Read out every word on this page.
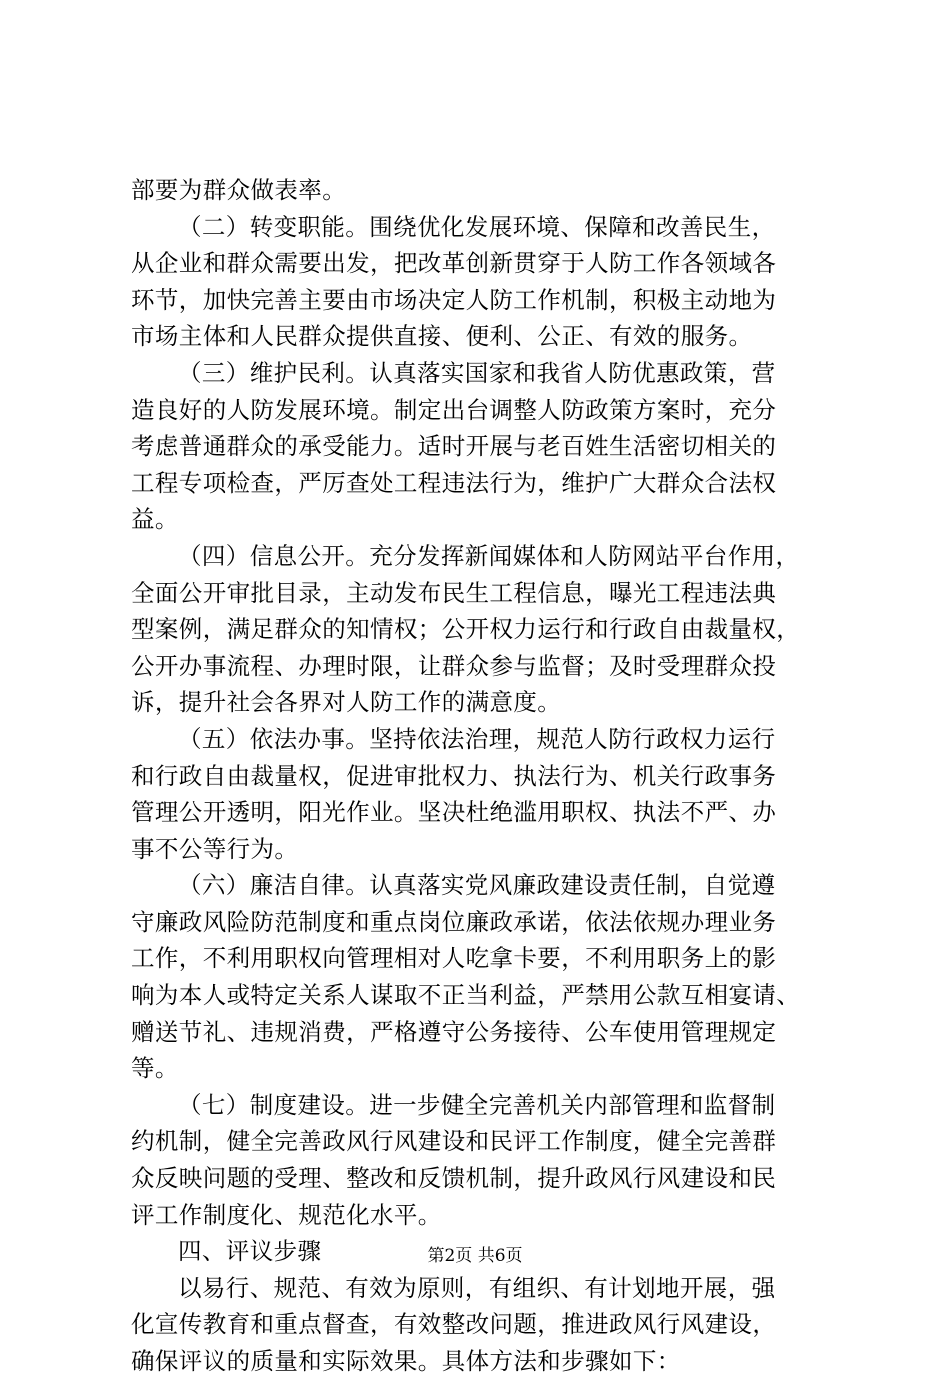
部要为群众做表率。
（二）转变职能。围绕优化发展环境、保障和改善民生，
从企业和群众需要出发，把改革创新贯穿于人防工作各领域各
环节，加快完善主要由市场决定人防工作机制，积极主动地为
市场主体和人民群众提供直接、便利、公正、有效的服务。
（三）维护民利。认真落实国家和我省人防优惠政策，营
造良好的人防发展环境。制定出台调整人防政策方案时，充分
考虑普通群众的承受能力。适时开展与老百姓生活密切相关的
工程专项检查，严厉查处工程违法行为，维护广大群众合法权
益。
（四）信息公开。充分发挥新闻媒体和人防网站平台作用，
全面公开审批目录，主动发布民生工程信息，曝光工程违法典
型案例，满足群众的知情权；公开权力运行和行政自由裁量权，
公开办事流程、办理时限，让群众参与监督；及时受理群众投
诉，提升社会各界对人防工作的满意度。
（五）依法办事。坚持依法治理，规范人防行政权力运行
和行政自由裁量权，促进审批权力、执法行为、机关行政事务
管理公开透明，阳光作业。坚决杜绝滥用职权、执法不严、办
事不公等行为。
（六）廉洁自律。认真落实党风廉政建设责任制，自觉遵
守廉政风险防范制度和重点岗位廉政承诺，依法依规办理业务
工作，不利用职权向管理相对人吃拿卡要，不利用职务上的影
响为本人或特定关系人谋取不正当利益，严禁用公款互相宴请、
赠送节礼、违规消费，严格遵守公务接待、公车使用管理规定
等。
（七）制度建设。进一步健全完善机关内部管理和监督制
约机制，健全完善政风行风建设和民评工作制度，健全完善群
众反映问题的受理、整改和反馈机制，提升政风行风建设和民
评工作制度化、规范化水平。
四、评议步骤
以易行、规范、有效为原则，有组织、有计划地开展，强
化宣传教育和重点督查，有效整改问题，推进政风行风建设，
确保评议的质量和实际效果。具体方法和步骤如下：
第2页 共6页
